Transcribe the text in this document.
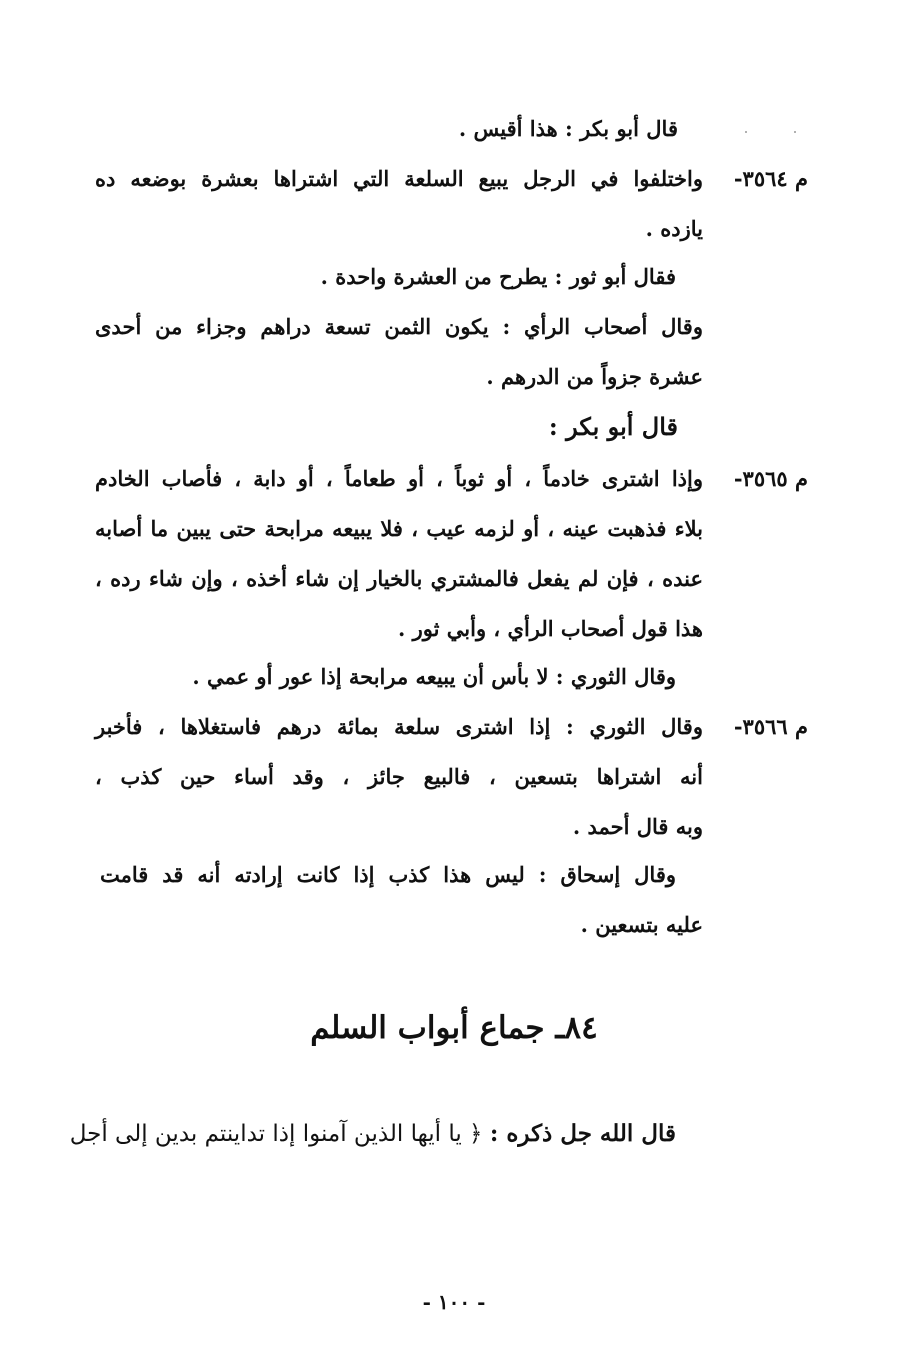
قال أبو بكر : هذا أقيس .
م ٣٥٦٤-
واختلفوا في الرجل يبيع السلعة التي اشتراها بعشرة بوضعه ده
يازده .
فقال أبو ثور : يطرح من العشرة واحدة .
وقال أصحاب الرأي : يكون الثمن تسعة دراهم وجزاء من أحدى
عشرة جزواً من الدرهم .
قال أبو بكر :
م ٣٥٦٥-
وإذا اشترى خادماً ، أو ثوباً ، أو طعاماً ، أو دابة ، فأصاب الخادم
بلاء فذهبت عينه ، أو لزمه عيب ، فلا يبيعه مرابحة حتى يبين ما أصابه
عنده ، فإن لم يفعل فالمشتري بالخيار إن شاء أخذه ، وإن شاء رده ،
هذا قول أصحاب الرأي ، وأبي ثور .
وقال الثوري : لا بأس أن يبيعه مرابحة إذا عور أو عمي .
م ٣٥٦٦-
وقال الثوري : إذا اشترى سلعة بمائة درهم فاستغلاها ، فأخبر
أنه اشتراها بتسعين ، فالبيع جائز ، وقد أساء حين كذب ،
وبه قال أحمد .
وقال إسحاق : ليس هذا كذب إذا كانت إرادته أنه قد قامت
عليه بتسعين .
٨٤ـ جماع أبواب السلم
قال الله جل ذكره : ﴿ يا أيها الذين آمنوا إذا تداينتم بدين إلى أجل
- ١٠٠ -
